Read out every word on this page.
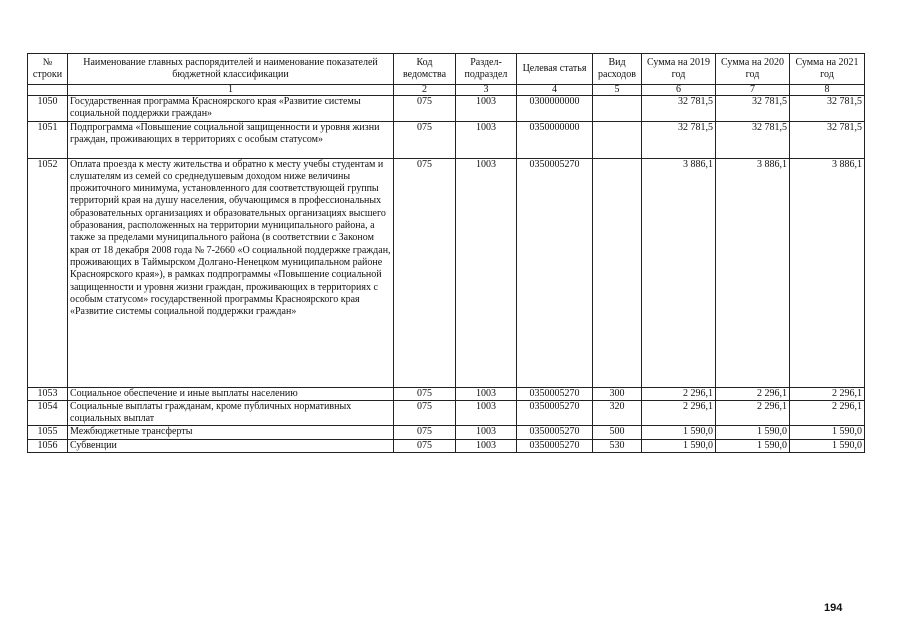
№ строки	Наименование главных распорядителей и наименование показателей бюджетной классификации	Код ведомства	Раздел-подраздел	Целевая статья	Вид расходов	Сумма на 2019 год	Сумма на 2020 год	Сумма на 2021 год
	1	2	3	4	5	6	7	8
1050	Государственная программа Красноярского края «Развитие системы социальной поддержки граждан»	075	1003	0300000000		32 781,5	32 781,5	32 781,5
1051	Подпрограмма «Повышение социальной защищенности и уровня жизни граждан, проживающих в территориях с особым статусом»	075	1003	0350000000		32 781,5	32 781,5	32 781,5
1052	Оплата проезда к месту жительства и обратно к месту учебы студентам и слушателям из семей со среднедушевым доходом ниже величины прожиточного минимума, установленного для соответствующей группы территорий края на душу населения, обучающимся в профессиональных образовательных организациях и образовательных организациях высшего образования, расположенных на территории муниципального района, а также за пределами муниципального района (в соответствии с Законом края от 18 декабря 2008 года № 7-2660 «О социальной поддержке граждан, проживающих в Таймырском Долгано-Ненецком муниципальном районе Красноярского края»), в рамках подпрограммы «Повышение социальной защищенности и уровня жизни граждан, проживающих в территориях с особым статусом» государственной программы Красноярского края «Развитие системы социальной поддержки граждан»	075	1003	0350005270		3 886,1	3 886,1	3 886,1
1053	Социальное обеспечение и иные выплаты населению	075	1003	0350005270	300	2 296,1	2 296,1	2 296,1
1054	Социальные выплаты гражданам, кроме публичных нормативных социальных выплат	075	1003	0350005270	320	2 296,1	2 296,1	2 296,1
1055	Межбюджетные трансферты	075	1003	0350005270	500	1 590,0	1 590,0	1 590,0
1056	Субвенции	075	1003	0350005270	530	1 590,0	1 590,0	1 590,0
194
